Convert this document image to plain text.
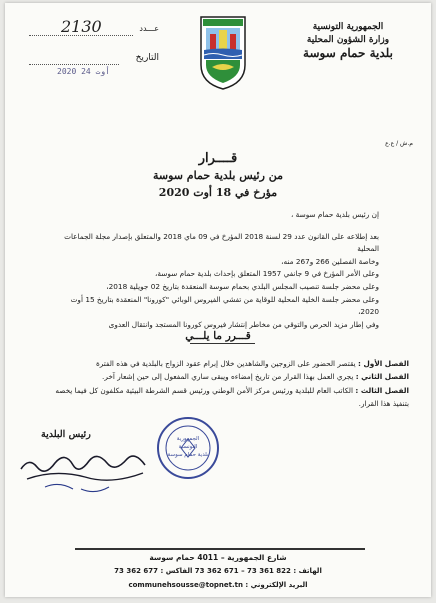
الجمهورية التونسية
وزارة الشؤون المحلية
بلدية حمام سوسة
عـــدد
2130
التاريخ
2020 أوت 24
م.ش / ع.ع
قــــرار
من رئيس بلدية حمام سوسة
مؤرخ في 18 أوت 2020

إن رئيس بلدية حمام سوسة ،

بعد إطلاعه على القانون عدد 29 لسنة 2018 المؤرخ في 09 ماي 2018 والمتعلق بإصدار مجلة الجماعات المحلية

وخاصة الفصلين 266 و267 منه،

وعلى الأمر المؤرخ في 9 جانفي 1957 المتعلق بإحداث بلدية حمام سوسة،

وعلى محضر جلسة تنصيب المجلس البلدي بحمام سوسة المنعقدة بتاريخ 02 جويلية 2018،

وعلى محضر جلسة الخلية المحلية للوقاية من تفشي الفيروس الوبائي "كورونا" المنعقدة بتاريخ 15 أوت 2020،

وفي إطار مزيد الحرص والتوقي من مخاطر إنتشار فيروس كورونا المستجد وانتقال العدوى

قـــرر ما يلـــي

الفصل الأول : يقتصر الحضور على الزوجين والشاهدين خلال إبرام عقود الزواج بالبلدية في هذه الفترة

الفصل الثاني : يجري العمل بهذا القرار من تاريخ إمضاءه ويبقى ساري المفعول إلى حين إشعار آخر.

الفصل الثالث : الكاتب العام للبلدية ورئيس مركز الأمن الوطني ورئيس قسم الشرطة البيئية مكلفون كل فيما يخصه

بتنفيذ هذا القرار.

رئيس البلدية	الجمهورية التونسية
بلدية حمام سوسة
شارع الجمهورية – 4011 حمام سوسة
الهاتف : 822 361 73 – 671 362 73 الفاكس : 677 362 73
البريد الإلكتروني : communehsousse@topnet.tn
